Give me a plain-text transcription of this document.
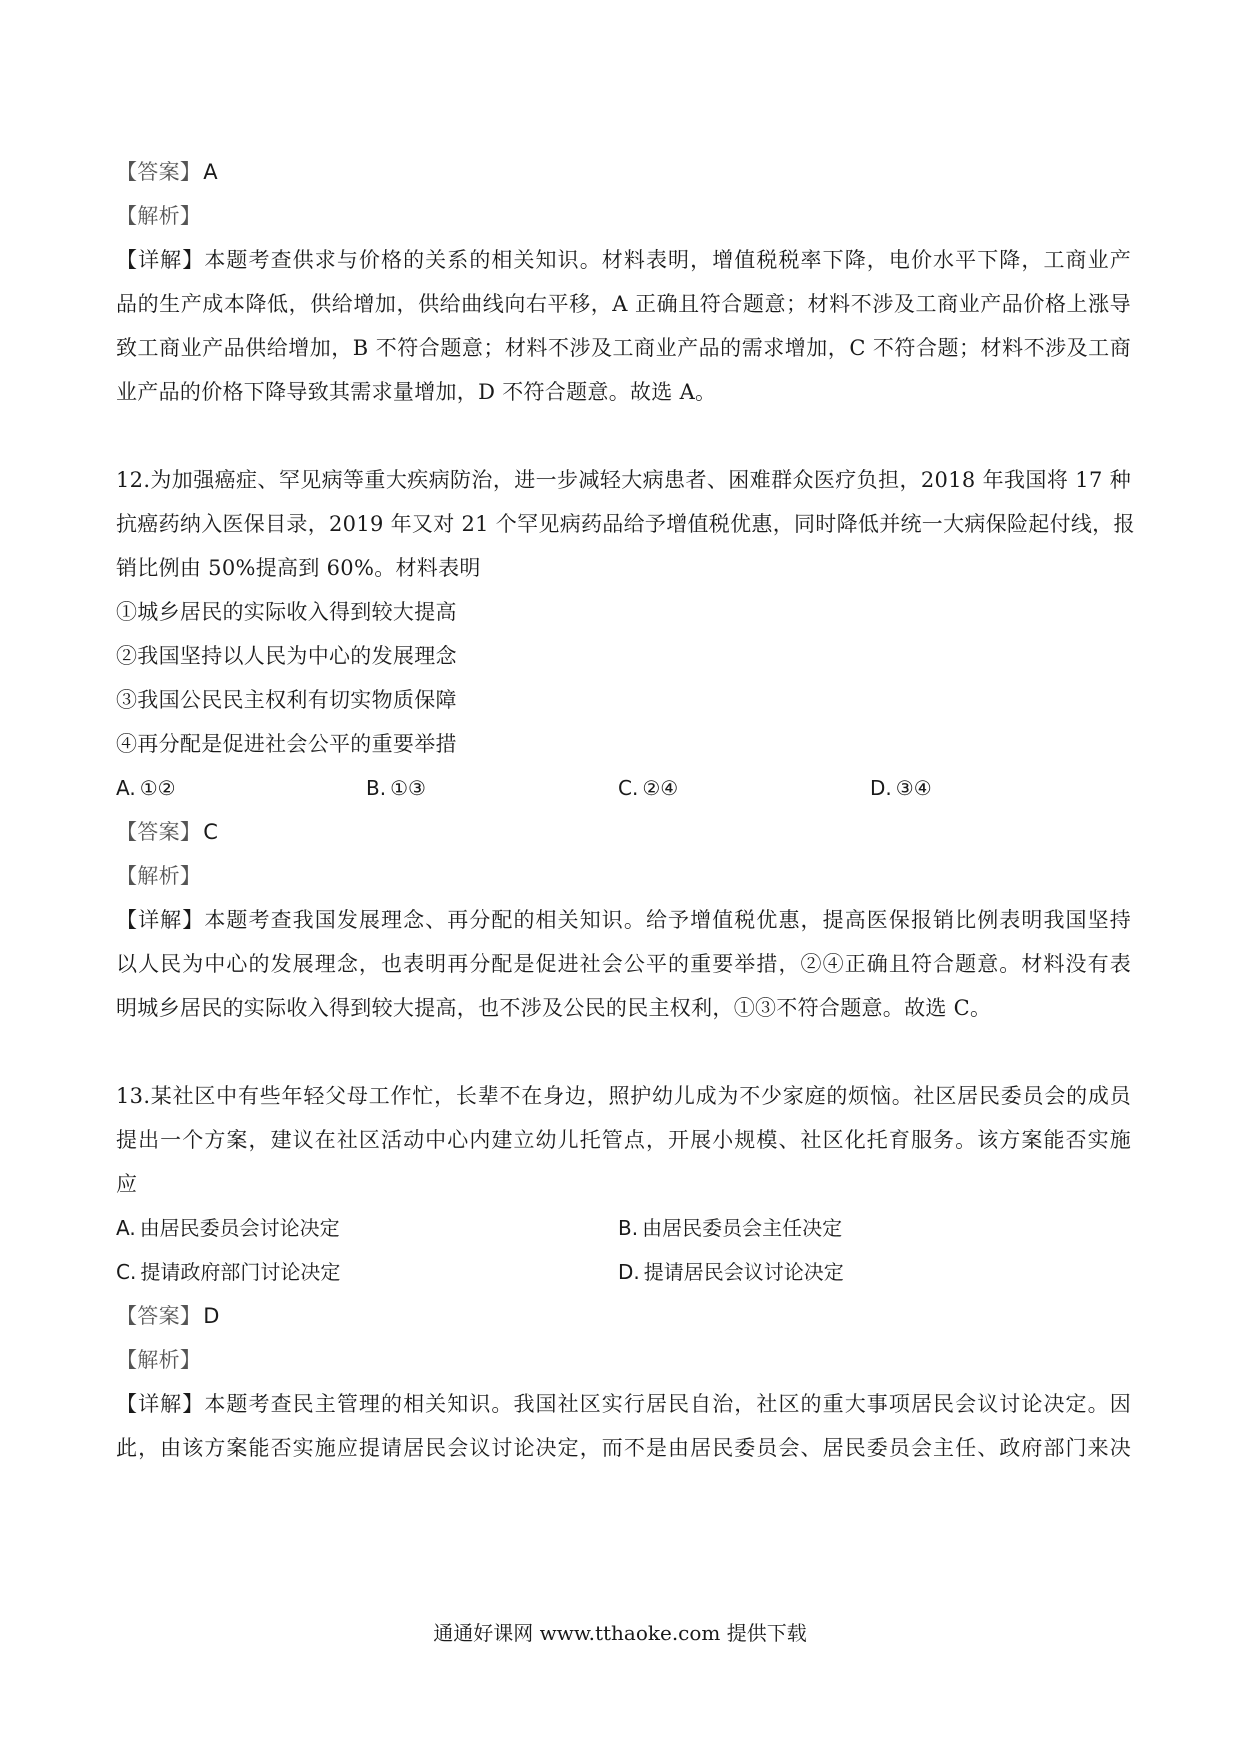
【答案】A
【解析】
【详解】本题考查供求与价格的关系的相关知识。材料表明，增值税税率下降，电价水平下降，工商业产
品的生产成本降低，供给增加，供给曲线向右平移，A 正确且符合题意；材料不涉及工商业产品价格上涨导
致工商业产品供给增加，B 不符合题意；材料不涉及工商业产品的需求增加，C 不符合题；材料不涉及工商
业产品的价格下降导致其需求量增加，D 不符合题意。故选 A。
12.为加强癌症、罕见病等重大疾病防治，进一步减轻大病患者、困难群众医疗负担，2018 年我国将 17 种
抗癌药纳入医保目录，2019 年又对 21 个罕见病药品给予增值税优惠，同时降低并统一大病保险起付线，报
销比例由 50%提高到 60%。材料表明
①城乡居民的实际收入得到较大提高
②我国坚持以人民为中心的发展理念
③我国公民民主权利有切实物质保障
④再分配是促进社会公平的重要举措
A. ①②	B. ①③	C. ②④	D. ③④
【答案】C
【解析】
【详解】本题考查我国发展理念、再分配的相关知识。给予增值税优惠，提高医保报销比例表明我国坚持
以人民为中心的发展理念，也表明再分配是促进社会公平的重要举措，②④正确且符合题意。材料没有表
明城乡居民的实际收入得到较大提高，也不涉及公民的民主权利，①③不符合题意。故选 C。
13.某社区中有些年轻父母工作忙，长辈不在身边，照护幼儿成为不少家庭的烦恼。社区居民委员会的成员
提出一个方案，建议在社区活动中心内建立幼儿托管点，开展小规模、社区化托育服务。该方案能否实施
应
A. 由居民委员会讨论决定	B. 由居民委员会主任决定
C. 提请政府部门讨论决定	D. 提请居民会议讨论决定
【答案】D
【解析】
【详解】本题考查民主管理的相关知识。我国社区实行居民自治，社区的重大事项居民会议讨论决定。因
此，由该方案能否实施应提请居民会议讨论决定，而不是由居民委员会、居民委员会主任、政府部门来决
通通好课网 www.tthaoke.com 提供下载
